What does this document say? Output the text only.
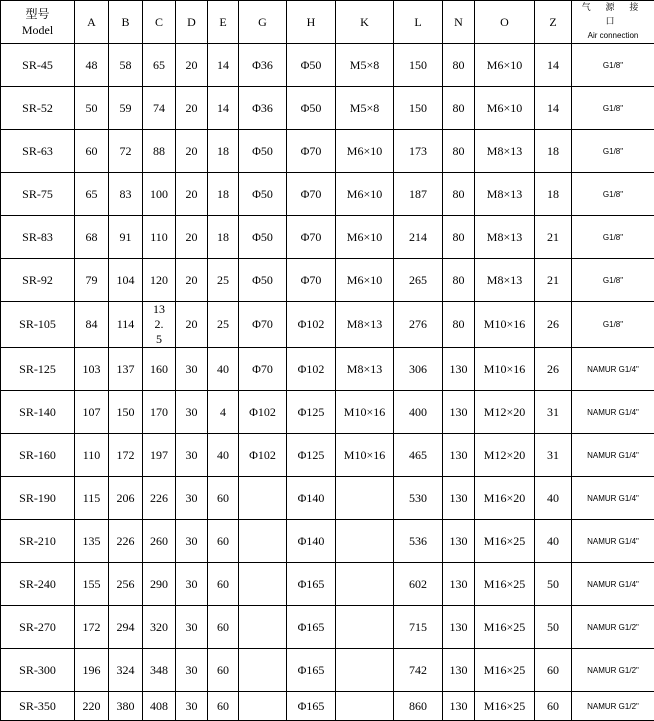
型号
Model	A	B	C	D	E	G	H	K	L	N	O	Z	气 源 接 口
Air connection

SR-45	48	58	65	20	14	Φ36	Φ50	M5×8	150	80	M6×10	14	G1/8"
SR-52	50	59	74	20	14	Φ36	Φ50	M5×8	150	80	M6×10	14	G1/8"
SR-63	60	72	88	20	18	Φ50	Φ70	M6×10	173	80	M8×13	18	G1/8"
SR-75	65	83	100	20	18	Φ50	Φ70	M6×10	187	80	M8×13	18	G1/8"
SR-83	68	91	110	20	18	Φ50	Φ70	M6×10	214	80	M8×13	21	G1/8"
SR-92	79	104	120	20	25	Φ50	Φ70	M6×10	265	80	M8×13	21	G1/8"
SR-105	84	114	132.5	20	25	Φ70	Φ102	M8×13	276	80	M10×16	26	G1/8"
SR-125	103	137	160	30	40	Φ70	Φ102	M8×13	306	130	M10×16	26	NAMUR G1/4"
SR-140	107	150	170	30	4	Φ102	Φ125	M10×16	400	130	M12×20	31	NAMUR G1/4"
SR-160	110	172	197	30	40	Φ102	Φ125	M10×16	465	130	M12×20	31	NAMUR G1/4"
SR-190	115	206	226	30	60		Φ140		530	130	M16×20	40	NAMUR G1/4"
SR-210	135	226	260	30	60		Φ140		536	130	M16×25	40	NAMUR G1/4"
SR-240	155	256	290	30	60		Φ165		602	130	M16×25	50	NAMUR G1/4"
SR-270	172	294	320	30	60		Φ165		715	130	M16×25	50	NAMUR G1/2"
SR-300	196	324	348	30	60		Φ165		742	130	M16×25	60	NAMUR G1/2"
SR-350	220	380	408	30	60		Φ165		860	130	M16×25	60	NAMUR G1/2"
